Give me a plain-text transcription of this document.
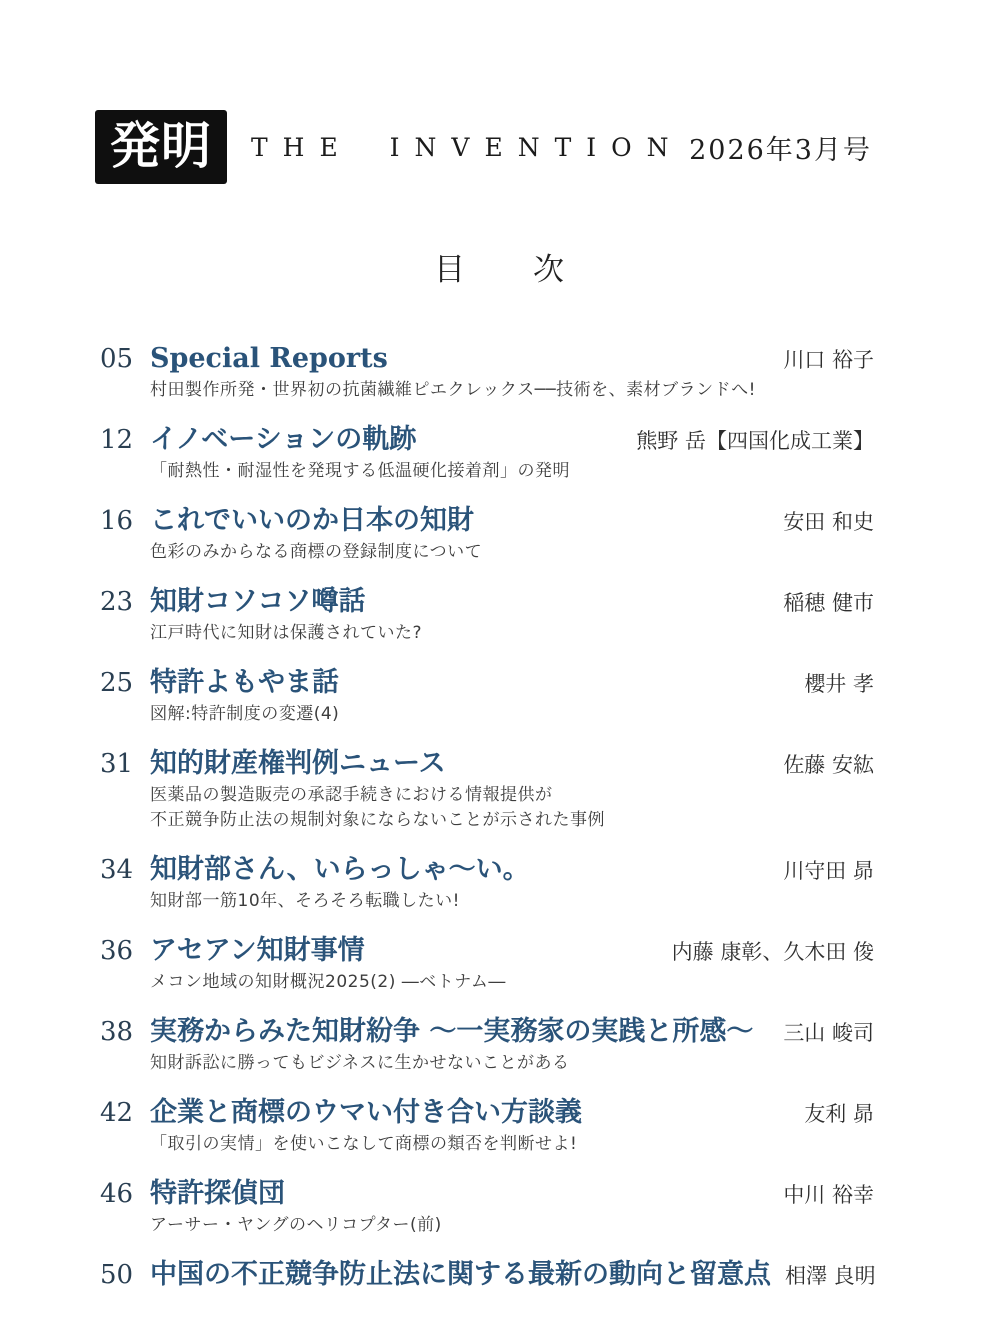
発明	THE INVENTION 2026年3月号
目　　次
05 Special Reports	川口 裕子
村田製作所発・世界初の抗菌繊維ピエクレックス──技術を、素材ブランドへ!
12 イノベーションの軌跡	熊野 岳【四国化成工業】
「耐熱性・耐湿性を発現する低温硬化接着剤」の発明
16 これでいいのか日本の知財	安田 和史
色彩のみからなる商標の登録制度について
23 知財コソコソ噂話	稲穂 健市
江戸時代に知財は保護されていた?
25 特許よもやま話	櫻井 孝
図解:特許制度の変遷(4)
31 知的財産権判例ニュース	佐藤 安紘
医薬品の製造販売の承認手続きにおける情報提供が
不正競争防止法の規制対象にならないことが示された事例
34 知財部さん、いらっしゃ〜い。	川守田 昴
知財部一筋10年、そろそろ転職したい!
36 アセアン知財事情	内藤 康彰、久木田 俊
メコン地域の知財概況2025(2) ―ベトナム―
38 実務からみた知財紛争 〜一実務家の実践と所感〜	三山 峻司
知財訴訟に勝ってもビジネスに生かせないことがある
42 企業と商標のウマい付き合い方談義	友利 昴
「取引の実情」を使いこなして商標の類否を判断せよ!
46 特許探偵団	中川 裕幸
アーサー・ヤングのヘリコプター(前)
50 中国の不正競争防止法に関する最新の動向と留意点 相澤 良明
